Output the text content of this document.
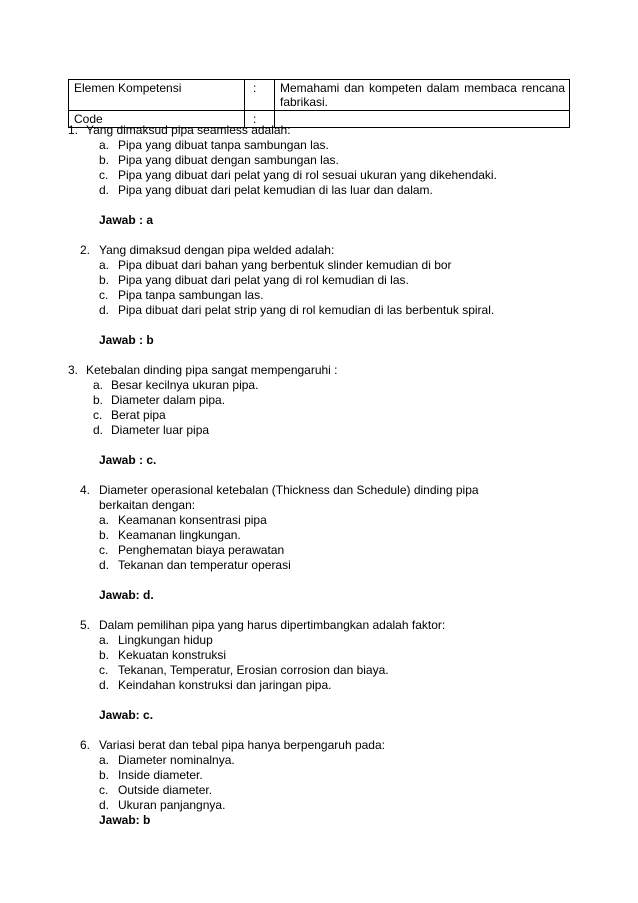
Elemen Kompetensi	:	Memahami dan kompeten dalam membaca rencana fabrikasi.
Code	:	
1. Yang dimaksud pipa seamless adalah:
a. Pipa yang dibuat tanpa sambungan las.
b. Pipa yang dibuat dengan sambungan las.
c. Pipa yang dibuat dari pelat yang di rol sesuai ukuran yang dikehendaki.
d. Pipa yang dibuat dari pelat kemudian di las luar dan dalam.
Jawab : a
2. Yang dimaksud dengan pipa welded adalah:
a. Pipa dibuat dari bahan yang berbentuk slinder kemudian di bor
b. Pipa yang dibuat dari pelat yang di rol kemudian di las.
c. Pipa tanpa sambungan las.
d. Pipa dibuat dari pelat strip yang di rol kemudian di las berbentuk spiral.
Jawab : b
3. Ketebalan dinding pipa sangat mempengaruhi :
a. Besar kecilnya ukuran pipa.
b. Diameter dalam pipa.
c. Berat pipa
d. Diameter luar pipa
Jawab : c.
4. Diameter operasional ketebalan (Thickness dan Schedule) dinding pipa berkaitan dengan:
a. Keamanan konsentrasi pipa
b. Keamanan lingkungan.
c. Penghematan biaya perawatan
d. Tekanan dan temperatur operasi
Jawab: d.
5. Dalam pemilihan pipa yang harus dipertimbangkan adalah faktor:
a. Lingkungan hidup
b. Kekuatan konstruksi
c. Tekanan, Temperatur, Erosian corrosion dan biaya.
d. Keindahan konstruksi dan jaringan pipa.
Jawab: c.
6. Variasi berat dan tebal pipa hanya berpengaruh pada:
a. Diameter nominalnya.
b. Inside diameter.
c. Outside diameter.
d. Ukuran panjangnya.
Jawab: b
